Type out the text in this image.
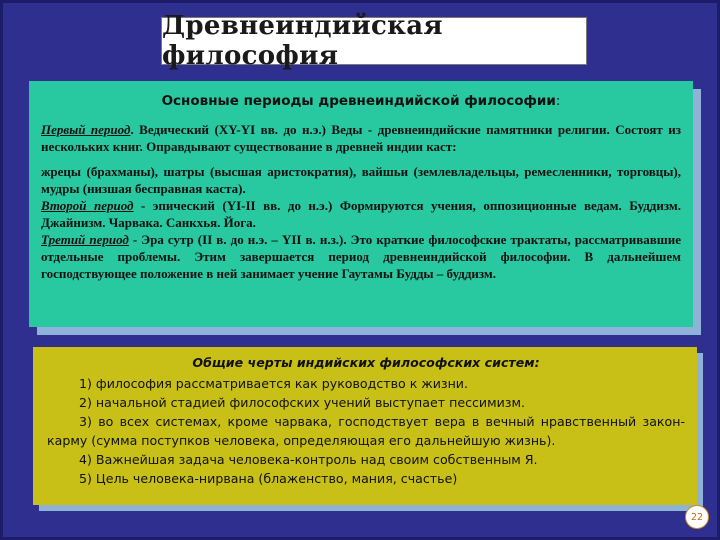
Древнеиндийская философия
Основные периоды древнеиндийской философии:

Первый период. Ведический (XY-YI вв. до н.э.) Веды - древнеиндийские памятники религии. Состоят из нескольких книг. Оправдывают существование в древней индии каст:

жрецы (брахманы), шатры (высшая аристократия), вайшьи (землевладельцы, ремесленники, торговцы), мудры (низшая бесправная каста).

Второй период - эпический (YI-II вв. до н.э.) Формируются учения, оппозиционные ведам. Буддизм. Джайнизм. Чарвака. Санкхья. Йога.

Третий период - Эра сутр (II в. до н.э. – YII в. н.з.). Это краткие философские трактаты, рассматривавшие отдельные проблемы. Этим завершается период древнеиндийской философии. В дальнейшем господствующее положение в ней занимает учение Гаутамы Будды – буддизм.

Общие черты индийских философских систем:

1) философия рассматривается как руководство к жизни.

2) начальной стадией философских учений выступает пессимизм.

3) во всех системах, кроме чарвака, господствует вера в вечный нравственный закон-карму (сумма поступков человека, определяющая его дальнейшую жизнь).

4) Важнейшая задача человека-контроль над своим собственным Я.

5) Цель человека-нирвана (блаженство, мания, счастье)

22
